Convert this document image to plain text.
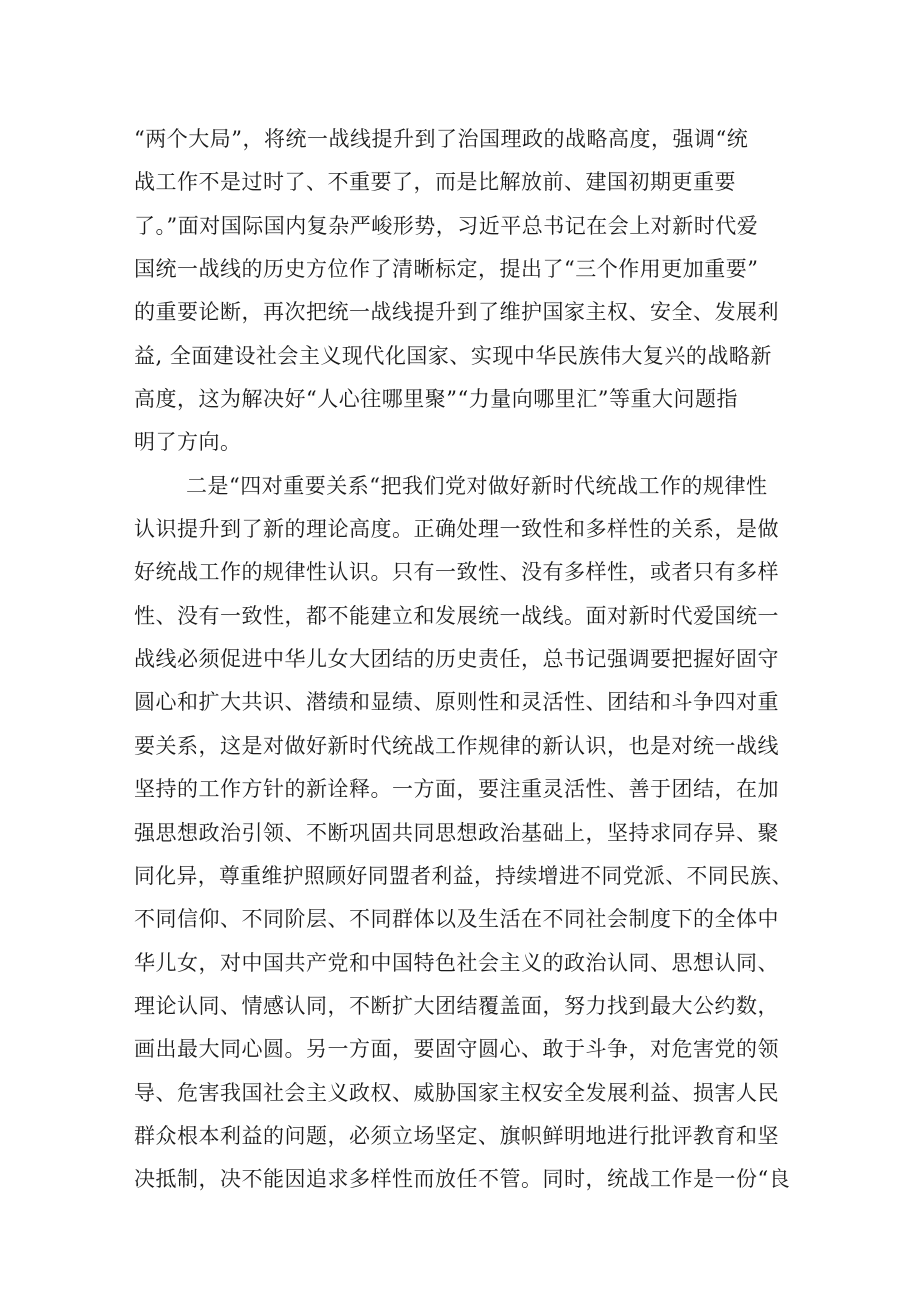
“两个大局”，将统一战线提升到了治国理政的战略高度，强调“统
战工作不是过时了、不重要了，而是比解放前、建国初期更重要
了。”面对国际国内复杂严峻形势，习近平总书记在会上对新时代爱
国统一战线的历史方位作了清晰标定，提出了“三个作用更加重要”
的重要论断，再次把统一战线提升到了维护国家主权、安全、发展利
益, 全面建设社会主义现代化国家、实现中华民族伟大复兴的战略新
高度，这为解决好“人心往哪里聚”“力量向哪里汇”等重大问题指
明了方向。
二是“四对重要关系“把我们党对做好新时代统战工作的规律性
认识提升到了新的理论高度。正确处理一致性和多样性的关系，是做
好统战工作的规律性认识。只有一致性、没有多样性，或者只有多样
性、没有一致性，都不能建立和发展统一战线。面对新时代爱国统一
战线必须促进中华儿女大团结的历史责任，总书记强调要把握好固守
圆心和扩大共识、潜绩和显绩、原则性和灵活性、团结和斗争四对重
要关系，这是对做好新时代统战工作规律的新认识，也是对统一战线
坚持的工作方针的新诠释。一方面，要注重灵活性、善于团结，在加
强思想政治引领、不断巩固共同思想政治基础上，坚持求同存异、聚
同化异，尊重维护照顾好同盟者利益，持续增进不同党派、不同民族、
不同信仰、不同阶层、不同群体以及生活在不同社会制度下的全体中
华儿女，对中国共产党和中国特色社会主义的政治认同、思想认同、
理论认同、情感认同，不断扩大团结覆盖面，努力找到最大公约数，
画出最大同心圆。另一方面，要固守圆心、敢于斗争，对危害党的领
导、危害我国社会主义政权、威胁国家主权安全发展利益、损害人民
群众根本利益的问题，必须立场坚定、旗帜鲜明地进行批评教育和坚
决抵制，决不能因追求多样性而放任不管。同时，统战工作是一份“良
